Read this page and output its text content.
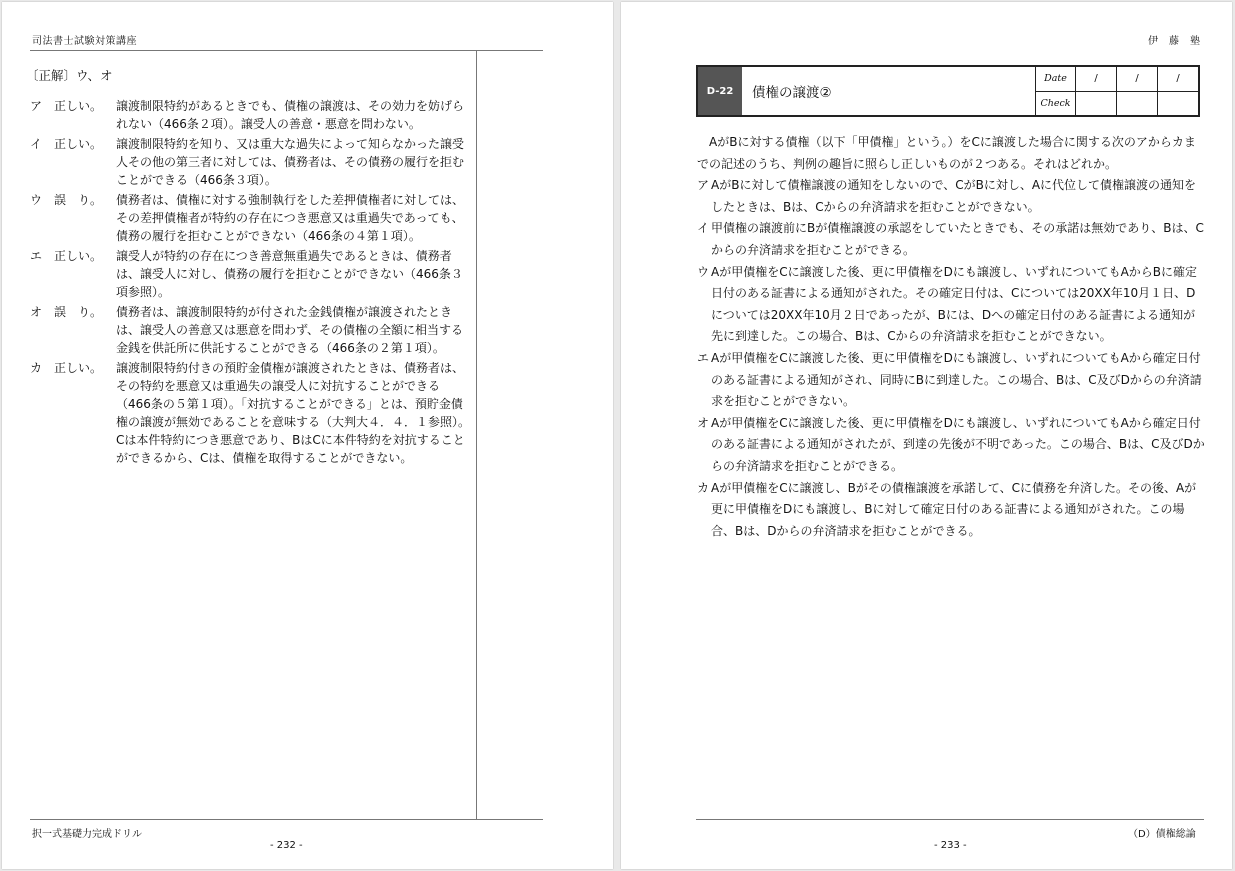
司法書士試験対策講座
〔正解〕ウ、オ
ア　正しい。	譲渡制限特約があるときでも、債権の譲渡は、その効力を妨げられない（466条２項）。譲受人の善意・悪意を問わない。
イ　正しい。	譲渡制限特約を知り、又は重大な過失によって知らなかった譲受人その他の第三者に対しては、債務者は、その債務の履行を拒むことができる（466条３項）。
ウ　誤　り。	債務者は、債権に対する強制執行をした差押債権者に対しては、その差押債権者が特約の存在につき悪意又は重過失であっても、債務の履行を拒むことができない（466条の４第１項）。
エ　正しい。	譲受人が特約の存在につき善意無重過失であるときは、債務者は、譲受人に対し、債務の履行を拒むことができない（466条３項参照）。
オ　誤　り。	債務者は、譲渡制限特約が付された金銭債権が譲渡されたときは、譲受人の善意又は悪意を問わず、その債権の全額に相当する金銭を供託所に供託することができる（466条の２第１項）。
カ　正しい。	譲渡制限特約付きの預貯金債権が譲渡されたときは、債務者は、その特約を悪意又は重過失の譲受人に対抗することができる（466条の５第１項）。「対抗することができる」とは、預貯金債権の譲渡が無効であることを意味する（大判大４．４．１参照）。Cは本件特約につき悪意であり、BはCに本件特約を対抗することができるから、Cは、債権を取得することができない。
択一式基礎力完成ドリル
- 232 -
伊　藤　塾
D-22	債権の譲渡②
Date	/	/	/
Check
AがBに対する債権（以下「甲債権」という。）をCに譲渡した場合に関する次のアからカまでの記述のうち、判例の趣旨に照らし正しいものが２つある。それはどれか。
ア AがBに対して債権譲渡の通知をしないので、CがBに対し、Aに代位して債権譲渡の通知をしたときは、Bは、Cからの弁済請求を拒むことができない。
イ 甲債権の譲渡前にBが債権譲渡の承認をしていたときでも、その承諾は無効であり、Bは、Cからの弁済請求を拒むことができる。
ウ Aが甲債権をCに譲渡した後、更に甲債権をDにも譲渡し、いずれについてもAからBに確定日付のある証書による通知がされた。その確定日付は、Cについては20XX年10月１日、Dについては20XX年10月２日であったが、Bには、Dへの確定日付のある証書による通知が先に到達した。この場合、Bは、Cからの弁済請求を拒むことができない。
エ Aが甲債権をCに譲渡した後、更に甲債権をDにも譲渡し、いずれについてもAから確定日付のある証書による通知がされ、同時にBに到達した。この場合、Bは、C及びDからの弁済請求を拒むことができない。
オ Aが甲債権をCに譲渡した後、更に甲債権をDにも譲渡し、いずれについてもAから確定日付のある証書による通知がされたが、到達の先後が不明であった。この場合、Bは、C及びDからの弁済請求を拒むことができる。
カ Aが甲債権をCに譲渡し、Bがその債権譲渡を承諾して、Cに債務を弁済した。その後、Aが更に甲債権をDにも譲渡し、Bに対して確定日付のある証書による通知がされた。この場合、Bは、Dからの弁済請求を拒むことができる。
（D）債権総論
- 233 -
